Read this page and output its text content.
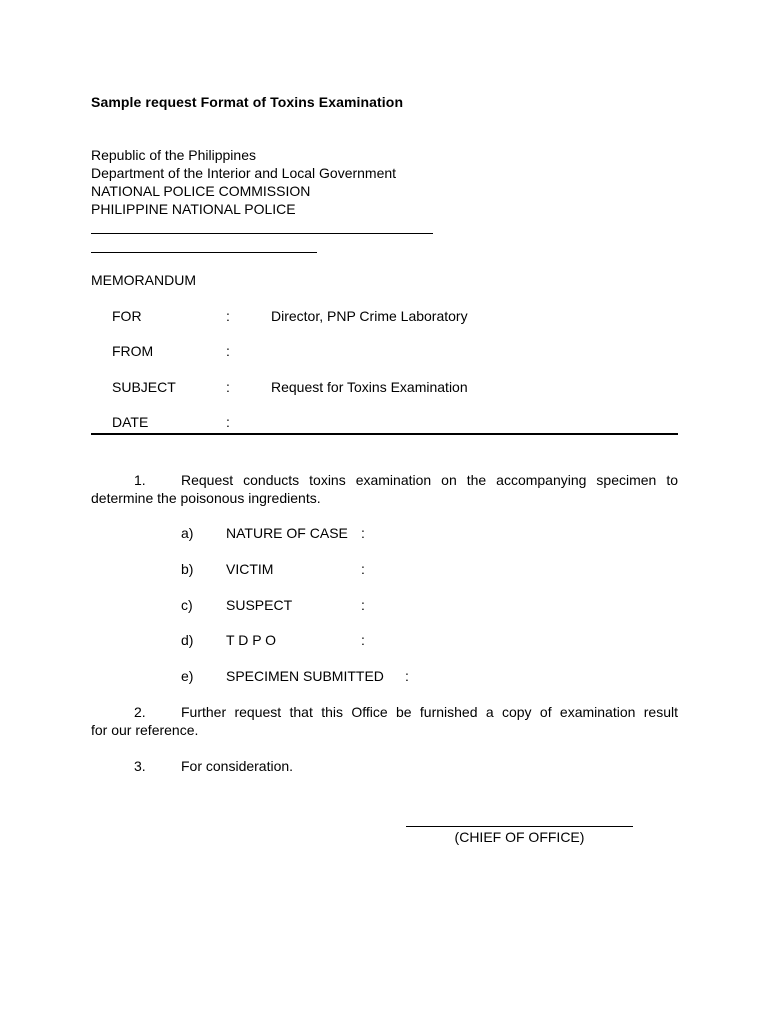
Sample request Format of Toxins Examination
Republic of the Philippines
Department of the Interior and Local Government
NATIONAL POLICE COMMISSION
PHILIPPINE NATIONAL POLICE
MEMORANDUM
FOR	:	Director, PNP Crime Laboratory
FROM	:
SUBJECT	:	Request for Toxins Examination
DATE	:
1.	Request conducts toxins examination on the accompanying specimen to
determine the poisonous ingredients.
a) NATURE OF CASE :
b) VICTIM	:
c) SUSPECT	:
d) T D P O	:
e) SPECIMEN SUBMITTED :
2.	Further request that this Office be furnished a copy of examination result
for our reference.
3.	For consideration.
(CHIEF OF OFFICE)
